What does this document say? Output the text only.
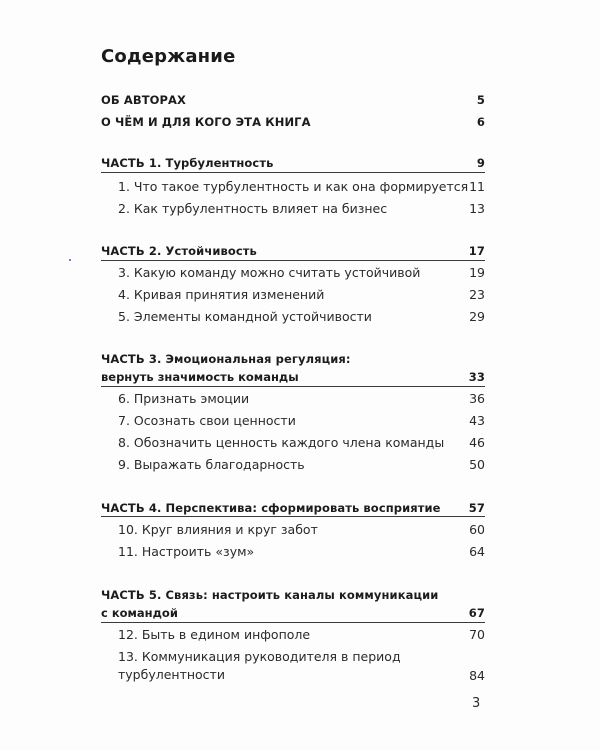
Содержание
ОБ АВТОРАХ	5
О ЧЁМ И ДЛЯ КОГО ЭТА КНИГА	6
ЧАСТЬ 1. Турбулентность	9
1. Что такое турбулентность и как она формируется 11
2. Как турбулентность влияет на бизнес	13
ЧАСТЬ 2. Устойчивость	17
3. Какую команду можно считать устойчивой	19
4. Кривая принятия изменений	23
5. Элементы командной устойчивости	29
ЧАСТЬ 3. Эмоциональная регуляция:
вернуть значимость команды	33
6. Признать эмоции	36
7. Осознать свои ценности	43
8. Обозначить ценность каждого члена команды 46
9. Выражать благодарность	50
ЧАСТЬ 4. Перспектива: сформировать восприятие 57
10. Круг влияния и круг забот	60
11. Настроить «зум»	64
ЧАСТЬ 5. Связь: настроить каналы коммуникации
с командой	67
12. Быть в едином инфополе	70
13. Коммуникация руководителя в период
турбулентности	84
3
